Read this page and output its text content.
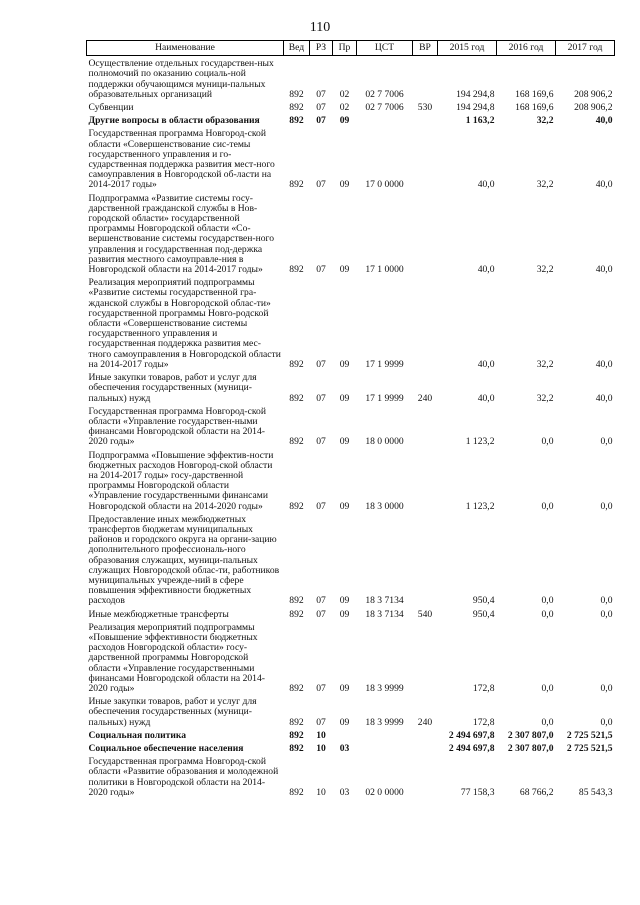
110
Наименование	Вед	РЗ	Пр	ЦСТ	ВР	2015 год	2016 год	2017 год
Осуществление отдельных государствен-ных полномочий по оказанию социаль-ной поддержки обучающимся муници-пальных образовательных организаций	892	07	02	02 7 7006		194 294,8	168 169,6	208 906,2
Субвенции	892	07	02	02 7 7006	530	194 294,8	168 169,6	208 906,2
Другие вопросы в области образования	892	07	09			1 163,2	32,2	40,0
Государственная программа Новгород-ской области «Совершенствование сис-темы государственного управления и го-сударственная поддержка развития мест-ного самоуправления в Новгородской об-ласти на 2014-2017 годы»	892	07	09	17 0 0000		40,0	32,2	40,0
Подпрограмма «Развитие системы госу-дарственной гражданской службы в Нов-городской области» государственной программы Новгородской области «Со-вершенствование системы государствен-ного управления и государственная под-держка развития местного самоуправле-ния в Новгородской области на 2014-2017 годы»	892	07	09	17 1 0000		40,0	32,2	40,0
Реализация мероприятий подпрограммы «Развитие системы государственной гра-жданской службы в Новгородской облас-ти» государственной программы Новго-родской области «Совершенствование системы государственного управления и государственная поддержка развития мес-тного самоуправления в Новгородской области на 2014-2017 годы»	892	07	09	17 1 9999		40,0	32,2	40,0
Иные закупки товаров, работ и услуг для обеспечения государственных (муници-пальных) нужд	892	07	09	17 1 9999	240	40,0	32,2	40,0
Государственная программа Новгород-ской области «Управление государствен-ными финансами Новгородской области на 2014-2020 годы»	892	07	09	18 0 0000		1 123,2	0,0	0,0
Подпрограмма «Повышение эффектив-ности бюджетных расходов Новгород-ской области на 2014-2017 годы» госу-дарственной программы Новгородской области «Управление государственными финансами Новгородской области на 2014-2020 годы»	892	07	09	18 3 0000		1 123,2	0,0	0,0
Предоставление иных межбюджетных трансфертов бюджетам муниципальных районов и городского округа на органи-зацию дополнительного профессиональ-ного образования служащих, муници-пальных служащих Новгородской облас-ти, работников муниципальных учрежде-ний в сфере повышения эффективности бюджетных расходов	892	07	09	18 3 7134		950,4	0,0	0,0
Иные межбюджетные трансферты	892	07	09	18 3 7134	540	950,4	0,0	0,0
Реализация мероприятий подпрограммы «Повышение эффективности бюджетных расходов Новгородской области» госу-дарственной программы Новгородской области «Управление государственными финансами Новгородской области на 2014-2020 годы»	892	07	09	18 3 9999		172,8	0,0	0,0
Иные закупки товаров, работ и услуг для обеспечения государственных (муници-пальных) нужд	892	07	09	18 3 9999	240	172,8	0,0	0,0
Социальная политика	892	10				2 494 697,8	2 307 807,0	2 725 521,5
Социальное обеспечение населения	892	10	03			2 494 697,8	2 307 807,0	2 725 521,5
Государственная программа Новгород-ской области «Развитие образования и молодежной политики в Новгородской области на 2014-2020 годы»	892	10	03	02 0 0000		77 158,3	68 766,2	85 543,3
